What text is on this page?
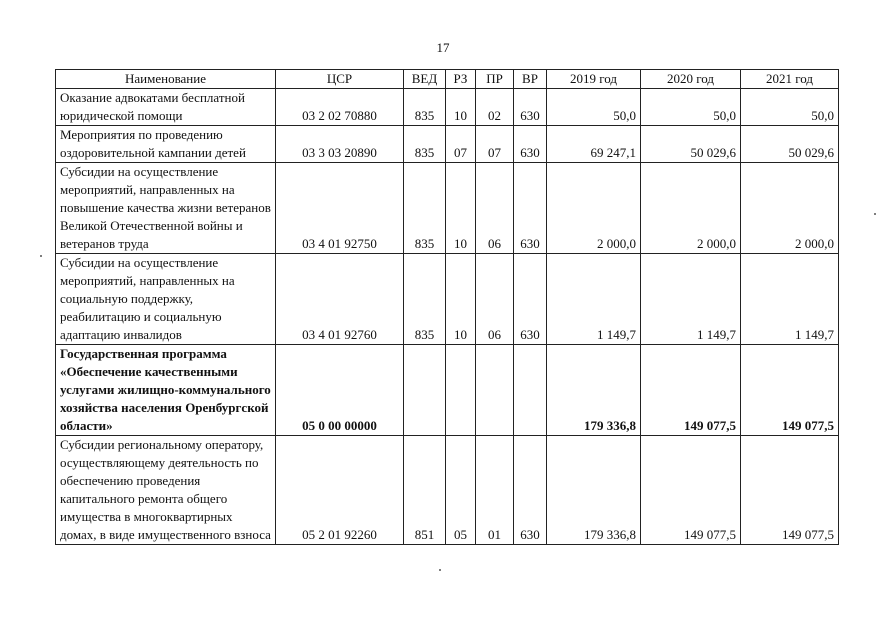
17
Наименование	ЦСР	ВЕД	РЗ	ПР	ВР	2019 год	2020 год	2021 год
Оказание адвокатами бесплатной юридической помощи	03 2 02 70880	835	10	02	630	50,0	50,0	50,0
Мероприятия по проведению оздоровительной кампании детей	03 3 03 20890	835	07	07	630	69 247,1	50 029,6	50 029,6
Субсидии на осуществление мероприятий, направленных на повышение качества жизни ветеранов Великой Отечественной войны и ветеранов труда	03 4 01 92750	835	10	06	630	2 000,0	2 000,0	2 000,0
Субсидии на осуществление мероприятий, направленных на социальную поддержку, реабилитацию и социальную адаптацию инвалидов	03 4 01 92760	835	10	06	630	1 149,7	1 149,7	1 149,7
Государственная программа «Обеспечение качественными услугами жилищно-коммунального хозяйства населения Оренбургской области»	05 0 00 00000					179 336,8	149 077,5	149 077,5
Субсидии региональному оператору, осуществляющему деятельность по обеспечению проведения капитального ремонта общего имущества в многоквартирных домах, в виде имущественного взноса	05 2 01 92260	851	05	01	630	179 336,8	149 077,5	149 077,5
